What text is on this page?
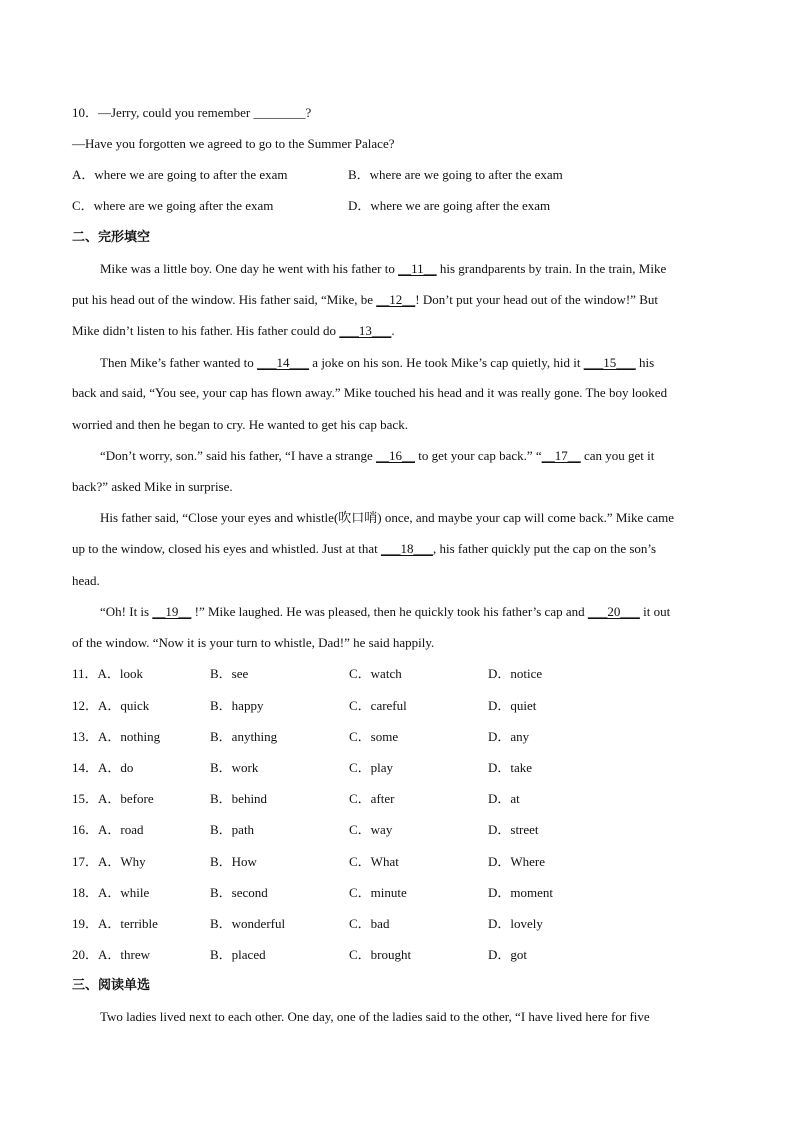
10．—Jerry, could you remember ________?
—Have you forgotten we agreed to go to the Summer Palace?
A．where we are going to after the exam	B．where are we going to after the exam
C．where are we going after the exam	D．where we are going after the exam
二、完形填空
Mike was a little boy. One day he went with his father to __11__ his grandparents by train. In the train, Mike
put his head out of the window. His father said, “Mike, be __12__! Don’t put your head out of the window!” But
Mike didn’t listen to his father. His father could do ___13___.
Then Mike’s father wanted to ___14___ a joke on his son. He took Mike’s cap quietly, hid it ___15___ his
back and said, “You see, your cap has flown away.” Mike touched his head and it was really gone. The boy looked
worried and then he began to cry. He wanted to get his cap back.
“Don’t worry, son.” said his father, “I have a strange __16__ to get your cap back.” “__17__ can you get it
back?” asked Mike in surprise.
His father said, “Close your eyes and whistle(吹口哨) once, and maybe your cap will come back.” Mike came
up to the window, closed his eyes and whistled. Just at that ___18___, his father quickly put the cap on the son’s
head.
“Oh! It is __19__ !” Mike laughed. He was pleased, then he quickly took his father’s cap and ___20___ it out
of the window. “Now it is your turn to whistle, Dad!” he said happily.
11．A．look	B．see	C．watch	D．notice
12．A．quick	B．happy	C．careful	D．quiet
13．A．nothing	B．anything	C．some	D．any
14．A．do	B．work	C．play	D．take
15．A．before	B．behind	C．after	D．at
16．A．road	B．path	C．way	D．street
17．A．Why	B．How	C．What	D．Where
18．A．while	B．second	C．minute	D．moment
19．A．terrible	B．wonderful	C．bad	D．lovely
20．A．threw	B．placed	C．brought	D．got
三、阅读单选
Two ladies lived next to each other. One day, one of the ladies said to the other, “I have lived here for five
